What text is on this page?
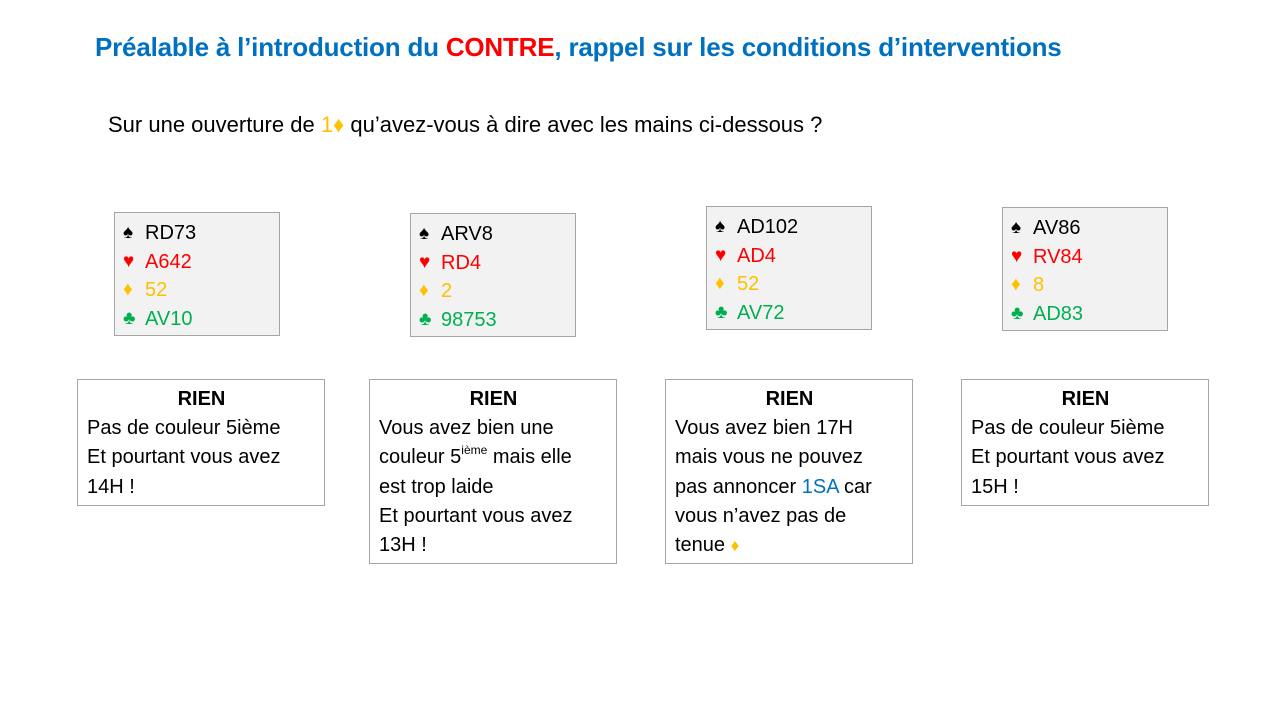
Préalable à l’introduction du CONTRE, rappel sur les conditions d’interventions
Sur une ouverture de 1♦ qu’avez-vous à dire avec les mains ci-dessous ?
♠ RD73
♥ A642
♦ 52
♣ AV10
♠ ARV8
♥ RD4
♦ 2
♣ 98753
♠ AD102
♥ AD4
♦ 52
♣ AV72
♠ AV86
♥ RV84
♦ 8
♣ AD83
RIEN
Pas de couleur 5ième
Et pourtant vous avez
14H !
RIEN
Vous avez bien une
couleur 5ième mais elle
est trop laide
Et pourtant vous avez
13H !
RIEN
Vous avez bien 17H
mais vous ne pouvez
pas annoncer 1SA car
vous n’avez pas de
tenue ♦
RIEN
Pas de couleur 5ième
Et pourtant vous avez
15H !
